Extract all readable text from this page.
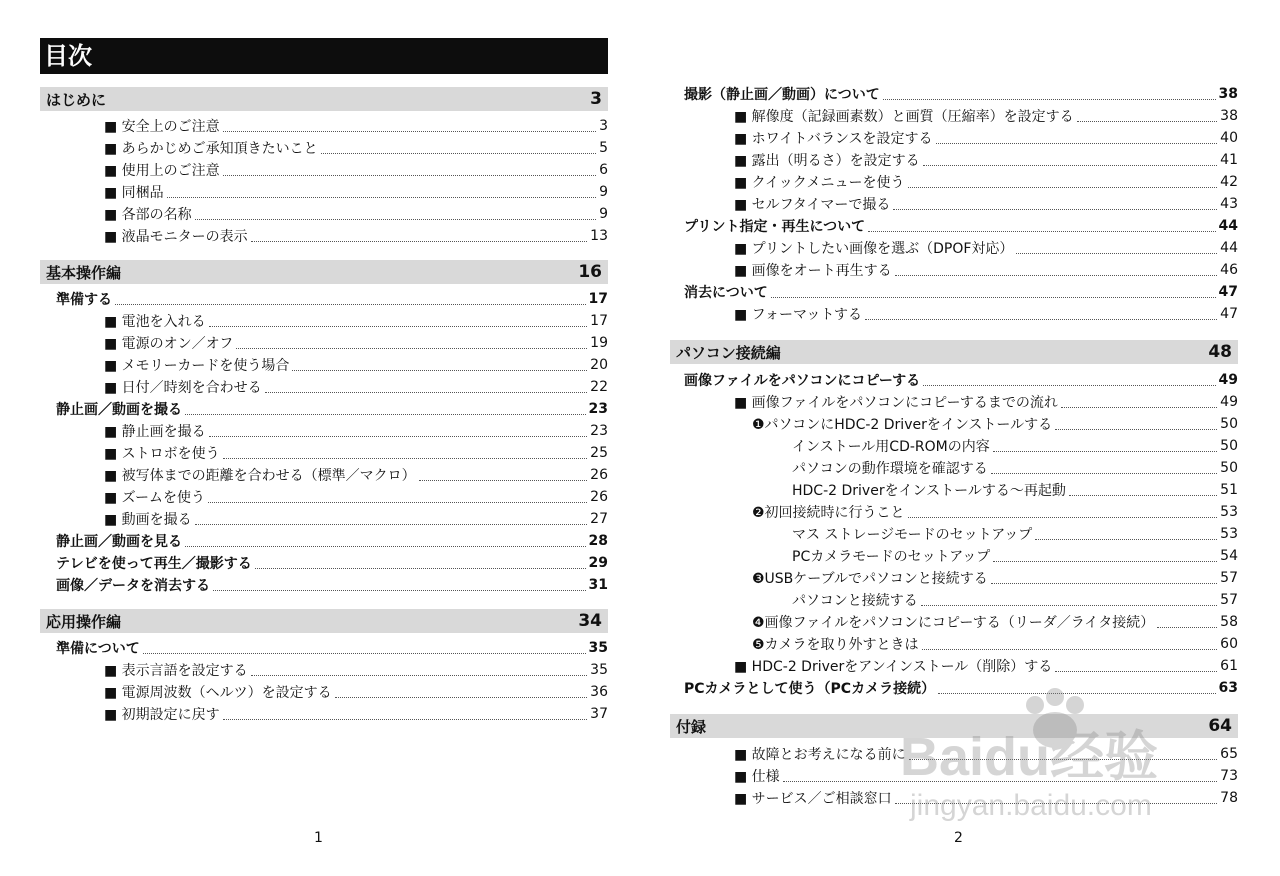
目次
はじめに	3
■ 安全上のご注意	3
■ あらかじめご承知頂きたいこと	5
■ 使用上のご注意	6
■ 同梱品	9
■ 各部の名称	9
■ 液晶モニターの表示	13
基本操作編	16
準備する	17
■ 電池を入れる	17
■ 電源のオン／オフ	19
■ メモリーカードを使う場合	20
■ 日付／時刻を合わせる	22
静止画／動画を撮る	23
■ 静止画を撮る	23
■ ストロボを使う	25
■ 被写体までの距離を合わせる（標準／マクロ）	26
■ ズームを使う	26
■ 動画を撮る	27
静止画／動画を見る	28
テレビを使って再生／撮影する	29
画像／データを消去する	31
応用操作編	34
準備について	35
■ 表示言語を設定する	35
■ 電源周波数（ヘルツ）を設定する	36
■ 初期設定に戻す	37
撮影（静止画／動画）について	38
■ 解像度（記録画素数）と画質（圧縮率）を設定する	38
■ ホワイトバランスを設定する	40
■ 露出（明るさ）を設定する	41
■ クイックメニューを使う	42
■ セルフタイマーで撮る	43
プリント指定・再生について	44
■ プリントしたい画像を選ぶ（DPOF対応）	44
■ 画像をオート再生する	46
消去について	47
■ フォーマットする	47
パソコン接続編	48
画像ファイルをパソコンにコピーする	49
■ 画像ファイルをパソコンにコピーするまでの流れ	49
❶パソコンにHDC-2 Driverをインストールする	50
インストール用CD-ROMの内容	50
パソコンの動作環境を確認する	50
HDC-2 Driverをインストールする〜再起動	51
❷初回接続時に行うこと	53
マス ストレージモードのセットアップ	53
PCカメラモードのセットアップ	54
❸USBケーブルでパソコンと接続する	57
パソコンと接続する	57
❹画像ファイルをパソコンにコピーする（リーダ／ライタ接続）	58
❺カメラを取り外すときは	60
■ HDC-2 Driverをアンインストール（削除）する	61
PCカメラとして使う（PCカメラ接続）	63
付録	64
■ 故障とお考えになる前に	65
■ 仕様	73
■ サービス／ご相談窓口	78
1	2
Baidu经验
jingyan.baidu.com
